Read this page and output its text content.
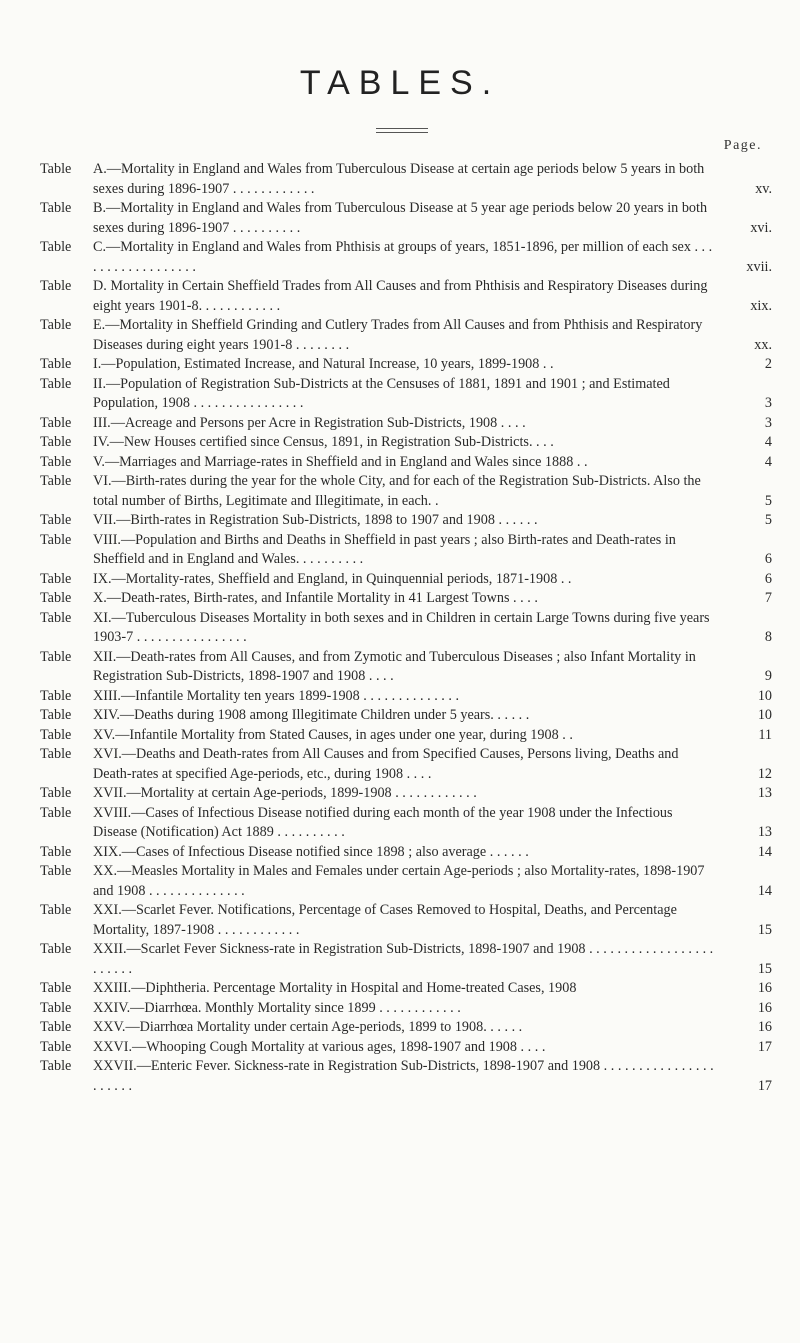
TABLES.
Page.
Table	A.—Mortality in England and Wales from Tuberculous Disease at certain age periods below 5 years in both sexes during 1896-1907 . . . . . . . . . . . .	xv.
Table	B.—Mortality in England and Wales from Tuberculous Disease at 5 year age periods below 20 years in both sexes during 1896-1907 . . . . . . . . . .	xvi.
Table	C.—Mortality in England and Wales from Phthisis at groups of years, 1851-1896, per million of each sex . . . . . . . . . . . . . . . . . .	xvii.
Table	D. Mortality in Certain Sheffield Trades from All Causes and from Phthisis and Respiratory Diseases during eight years 1901-8. . . . . . . . . . . .	xix.
Table	E.—Mortality in Sheffield Grinding and Cutlery Trades from All Causes and from Phthisis and Respiratory Diseases during eight years 1901-8 . . . . . . . .	xx.
Table	I.—Population, Estimated Increase, and Natural Increase, 10 years, 1899-1908 . .	2
Table	II.—Population of Registration Sub-Districts at the Censuses of 1881, 1891 and 1901 ; and Estimated Population, 1908 . . . . . . . . . . . . . . . .	3
Table	III.—Acreage and Persons per Acre in Registration Sub-Districts, 1908 . . . .	3
Table	IV.—New Houses certified since Census, 1891, in Registration Sub-Districts. . . .	4
Table	V.—Marriages and Marriage-rates in Sheffield and in England and Wales since 1888 . .	4
Table	VI.—Birth-rates during the year for the whole City, and for each of the Registration Sub-Districts. Also the total number of Births, Legitimate and Illegitimate, in each. .	5
Table	VII.—Birth-rates in Registration Sub-Districts, 1898 to 1907 and 1908 . . . . . .	5
Table	VIII.—Population and Births and Deaths in Sheffield in past years ; also Birth-rates and Death-rates in Sheffield and in England and Wales. . . . . . . . . .	6
Table	IX.—Mortality-rates, Sheffield and England, in Quinquennial periods, 1871-1908 . .	6
Table	X.—Death-rates, Birth-rates, and Infantile Mortality in 41 Largest Towns . . . .	7
Table	XI.—Tuberculous Diseases Mortality in both sexes and in Children in certain Large Towns during five years 1903-7 . . . . . . . . . . . . . . . .	8
Table	XII.—Death-rates from All Causes, and from Zymotic and Tuberculous Diseases ; also Infant Mortality in Registration Sub-Districts, 1898-1907 and 1908 . . . .	9
Table	XIII.—Infantile Mortality ten years 1899-1908 . . . . . . . . . . . . . .	10
Table	XIV.—Deaths during 1908 among Illegitimate Children under 5 years. . . . . .	10
Table	XV.—Infantile Mortality from Stated Causes, in ages under one year, during 1908 . .	11
Table	XVI.—Deaths and Death-rates from All Causes and from Specified Causes, Persons living, Deaths and Death-rates at specified Age-periods, etc., during 1908 . . . .	12
Table	XVII.—Mortality at certain Age-periods, 1899-1908 . . . . . . . . . . . .	13
Table	XVIII.—Cases of Infectious Disease notified during each month of the year 1908 under the Infectious Disease (Notification) Act 1889 . . . . . . . . . .	13
Table	XIX.—Cases of Infectious Disease notified since 1898 ; also average . . . . . .	14
Table	XX.—Measles Mortality in Males and Females under certain Age-periods ; also Mortality-rates, 1898-1907 and 1908 . . . . . . . . . . . . . .	14
Table	XXI.—Scarlet Fever. Notifications, Percentage of Cases Removed to Hospital, Deaths, and Percentage Mortality, 1897-1908 . . . . . . . . . . . .	15
Table	XXII.—Scarlet Fever Sickness-rate in Registration Sub-Districts, 1898-1907 and 1908 . . . . . . . . . . . . . . . . . . . . . . . .	15
Table	XXIII.—Diphtheria. Percentage Mortality in Hospital and Home-treated Cases, 1908	16
Table	XXIV.—Diarrhœa. Monthly Mortality since 1899 . . . . . . . . . . . .	16
Table	XXV.—Diarrhœa Mortality under certain Age-periods, 1899 to 1908. . . . . .	16
Table	XXVI.—Whooping Cough Mortality at various ages, 1898-1907 and 1908 . . . .	17
Table	XXVII.—Enteric Fever. Sickness-rate in Registration Sub-Districts, 1898-1907 and 1908 . . . . . . . . . . . . . . . . . . . . . .	17
